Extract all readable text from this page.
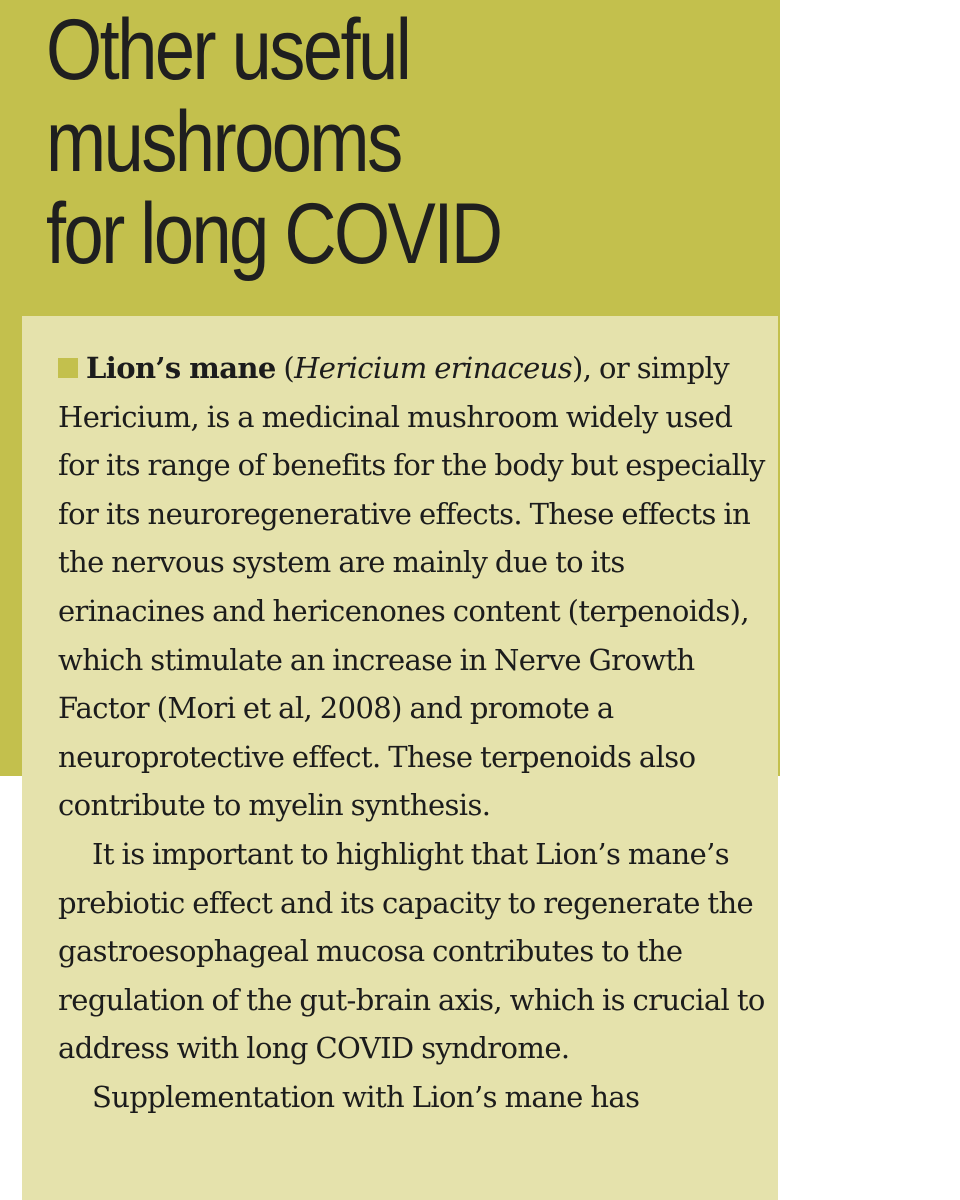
Other useful
mushrooms
for long COVID

Lion’s mane (Hericium erinaceus), or simply Hericium, is a medicinal mushroom widely used for its range of benefits for the body but especially for its neuroregenerative effects. These effects in the nervous system are mainly due to its erinacines and hericenones content (terpenoids), which stimulate an increase in Nerve Growth Factor (Mori et al, 2008) and promote a neuroprotective effect. These terpenoids also contribute to myelin synthesis.

It is important to highlight that Lion’s mane’s prebiotic effect and its capacity to regenerate the gastroesophageal mucosa contributes to the regulation of the gut-brain axis, which is crucial to address with long COVID syndrome.

Supplementation with Lion’s mane has
